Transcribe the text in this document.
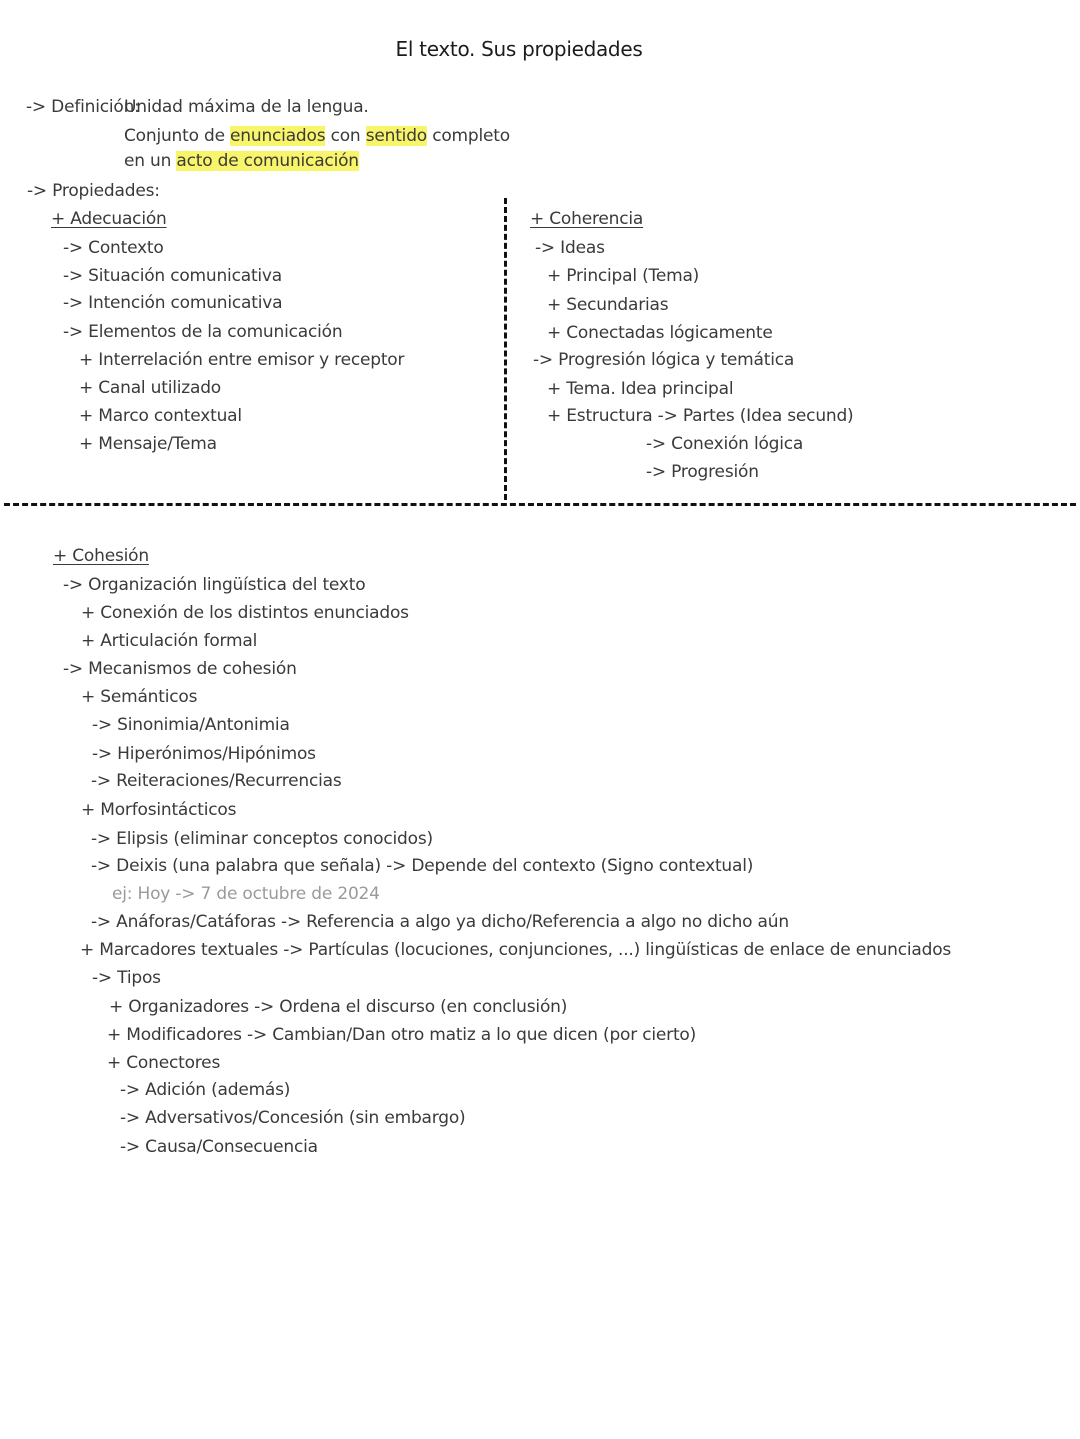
El texto. Sus propiedades
-> Definición:
Unidad máxima de la lengua.
Conjunto de enunciados con sentido completo
en un acto de comunicación
-> Propiedades:
+ Adecuación
-> Contexto
-> Situación comunicativa
-> Intención comunicativa
-> Elementos de la comunicación
+ Interrelación entre emisor y receptor
+ Canal utilizado
+ Marco contextual
+ Mensaje/Tema
+ Coherencia
-> Ideas
+ Principal (Tema)
+ Secundarias
+ Conectadas lógicamente
-> Progresión lógica y temática
+ Tema. Idea principal
+ Estructura -> Partes (Idea secund)
-> Conexión lógica
-> Progresión
+ Cohesión
-> Organización lingüística del texto
+ Conexión de los distintos enunciados
+ Articulación formal
-> Mecanismos de cohesión
+ Semánticos
-> Sinonimia/Antonimia
-> Hiperónimos/Hipónimos
-> Reiteraciones/Recurrencias
+ Morfosintácticos
-> Elipsis (eliminar conceptos conocidos)
-> Deixis (una palabra que señala) -> Depende del contexto (Signo contextual)
ej: Hoy -> 7 de octubre de 2024
-> Anáforas/Catáforas -> Referencia a algo ya dicho/Referencia a algo no dicho aún
+ Marcadores textuales -> Partículas (locuciones, conjunciones, ...) lingüísticas de enlace de enunciados
-> Tipos
+ Organizadores -> Ordena el discurso (en conclusión)
+ Modificadores -> Cambian/Dan otro matiz a lo que dicen (por cierto)
+ Conectores
-> Adición (además)
-> Adversativos/Concesión (sin embargo)
-> Causa/Consecuencia
